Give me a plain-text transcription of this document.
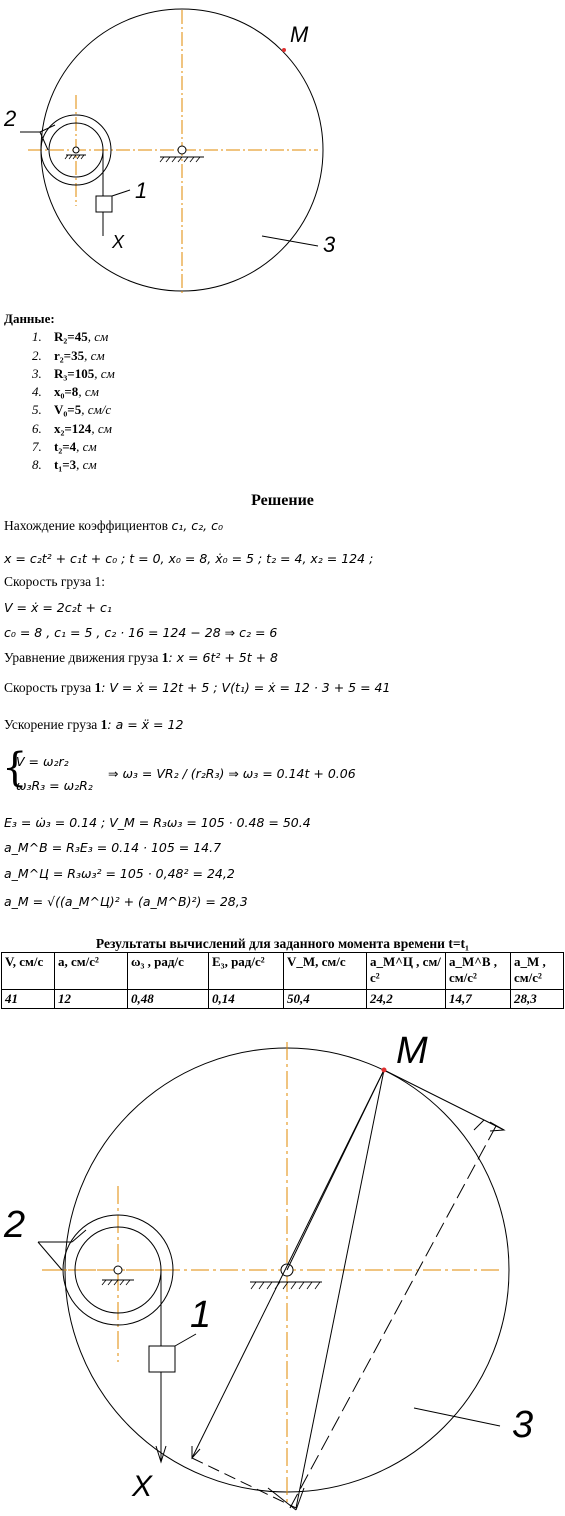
M
2
1
X	3
Данные:
1. R₂=45, см
2. r₂=35, см
3. R₃=105, см
4. x₀=8, см
5. V₀=5, см/с
6. x₂=124, см
7. t₂=4, см
8. t₁=3, см
Решение
Нахождение коэффициентов c₁, c₂, c₀
x = c₂t² + c₁t + c₀ ; t = 0, x₀ = 8, ẋ₀ = 5 ; t₂ = 4, x₂ = 124 ;
Скорость груза 1:
V = ẋ = 2c₂t + c₁
c₀ = 8 , c₁ = 5 , c₂ · 16 = 124 − 28 ⇒ c₂ = 6
Уравнение движения груза 1: x = 6t² + 5t + 8
Скорость груза 1: V = ẋ = 12t + 5 ; V(t₁) = ẋ = 12 · 3 + 5 = 41
Ускорение груза 1: a = ẍ = 12
{
V = ω₂r₂
ω₃R₃ = ω₂R₂
⇒ ω₃ = VR₂ / (r₂R₃) ⇒ ω₃ = 0.14t + 0.06
E₃ = ω̇₃ = 0.14 ; V_M = R₃ω₃ = 105 · 0.48 = 50.4
a_M^B = R₃E₃ = 0.14 · 105 = 14.7
a_M^Ц = R₃ω₃² = 105 · 0,48² = 24,2
a_M = √((a_M^Ц)² + (a_M^B)²) = 28,3
Результаты вычислений для заданного момента времени t=t₁
V, см/с	a, см/с²	ω₃ , рад/с	E₃, рад/с²	V_M, см/с	a_M^Ц , см/с²	a_M^B , см/с²	a_M , см/с²
41	12	0,48	0,14	50,4	24,2	14,7	28,3
M
2
1
X
3
